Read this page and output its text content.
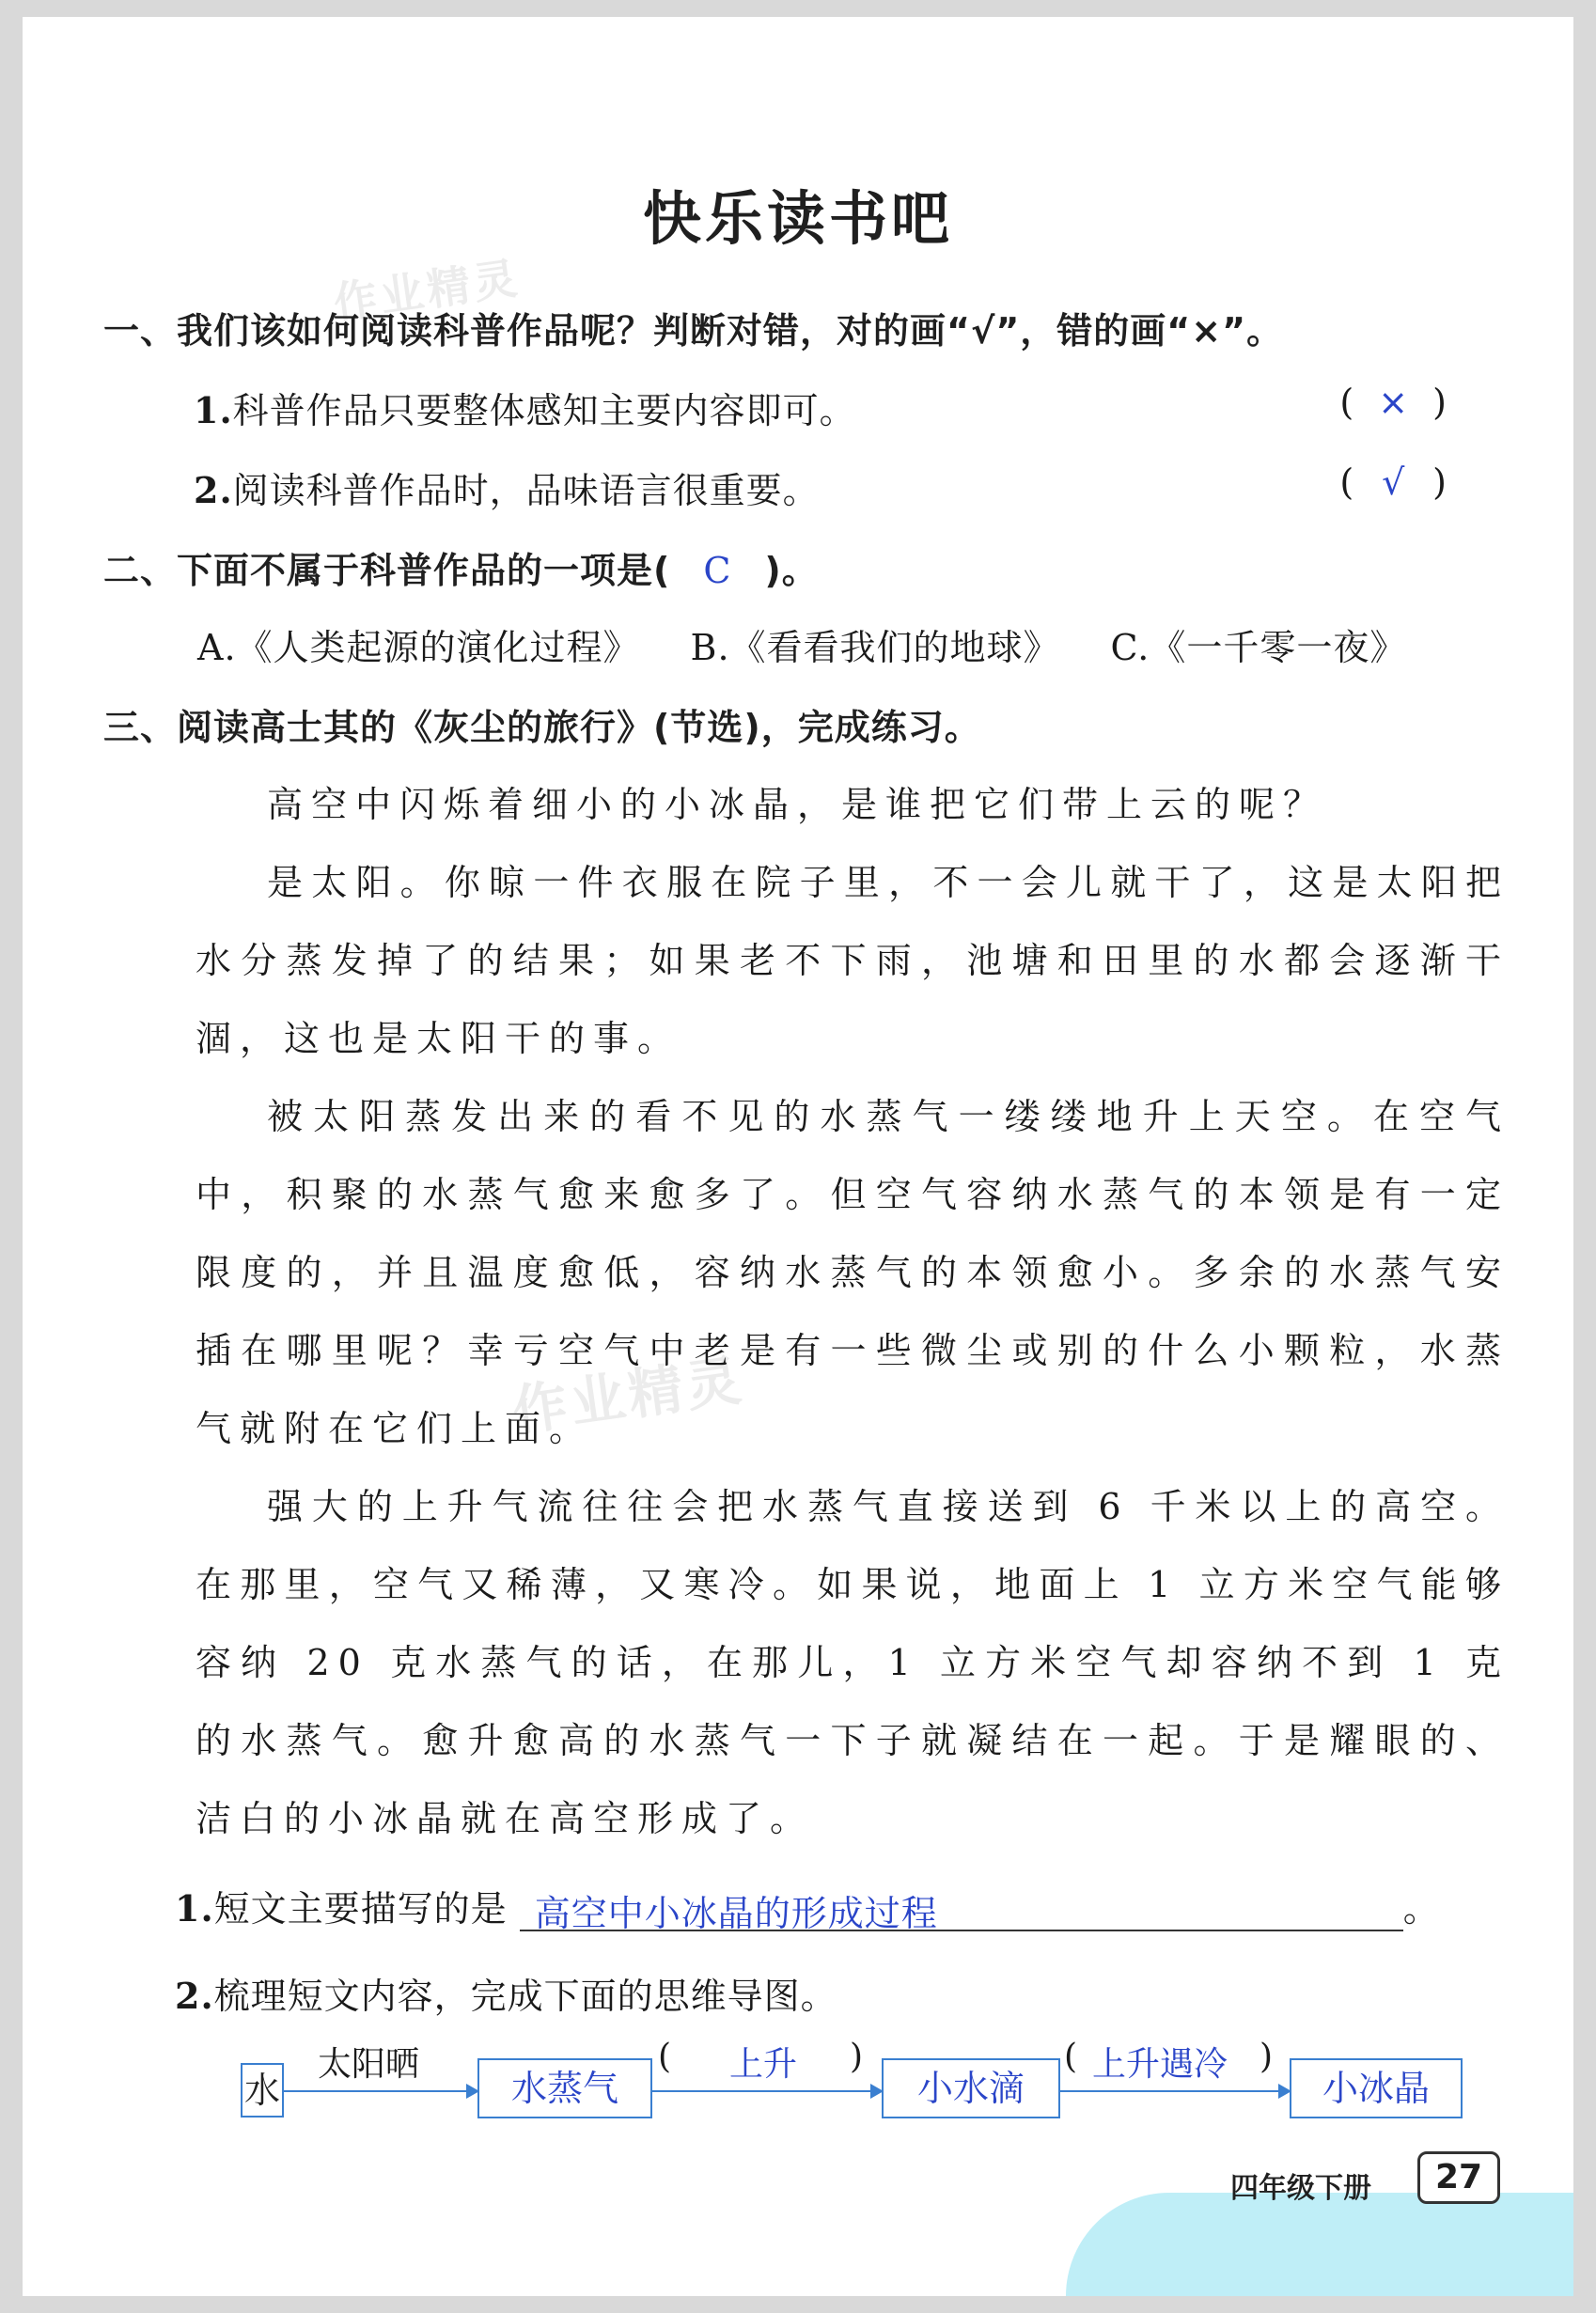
作业精灵
作业精灵
快乐读书吧
一、我们该如何阅读科普作品呢？判断对错，对的画“√”，错的画“×”。
1.科普作品只要整体感知主要内容即可。	( × )
2.阅读科普作品时，品味语言很重要。	( √ )
二、下面不属于科普作品的一项是( C )。
A.《人类起源的演化过程》 B.《看看我们的地球》 C.《一千零一夜》
三、阅读高士其的《灰尘的旅行》(节选)，完成练习。

高空中闪烁着细小的小冰晶，是谁把它们带上云的呢？

是太阳。你晾一件衣服在院子里，不一会儿就干了，这是太阳把水分蒸发掉了的结果；如果老不下雨，池塘和田里的水都会逐渐干涸，这也是太阳干的事。

被太阳蒸发出来的看不见的水蒸气一缕缕地升上天空。在空气中，积聚的水蒸气愈来愈多了。但空气容纳水蒸气的本领是有一定限度的，并且温度愈低，容纳水蒸气的本领愈小。多余的水蒸气安插在哪里呢？幸亏空气中老是有一些微尘或别的什么小颗粒，水蒸气就附在它们上面。

强大的上升气流往往会把水蒸气直接送到 6 千米以上的高空。在那里，空气又稀薄，又寒冷。如果说，地面上 1 立方米空气能够容纳 20 克水蒸气的话，在那儿，1 立方米空气却容纳不到 1 克的水蒸气。愈升愈高的水蒸气一下子就凝结在一起。于是耀眼的、洁白的小冰晶就在高空形成了。

1.短文主要描写的是 高空中小冰晶的形成过程	。
2.梳理短文内容，完成下面的思维导图。
水
太阳晒
水蒸气
( 上升 )
小水滴
( 上升遇冷 )
小冰晶
四年级下册	27
